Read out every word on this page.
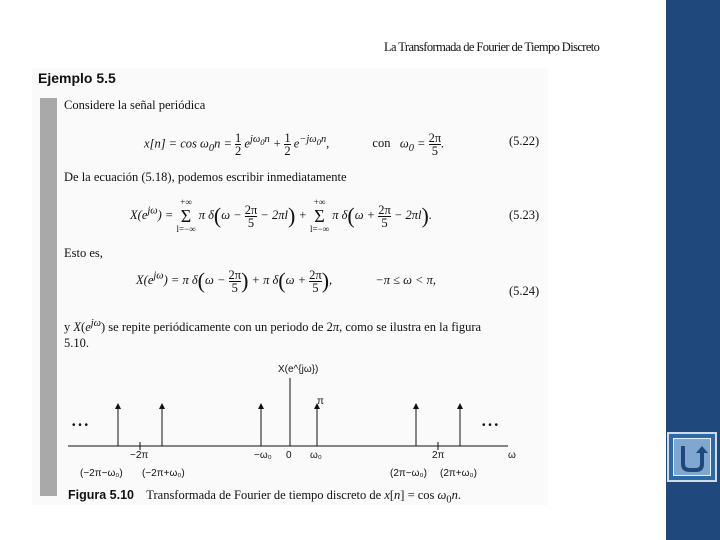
La Transformada de Fourier de Tiempo Discreto
Ejemplo 5.5
Considere la señal periódica
$x[n] = \cos \omega_0n = 1$

2
$e^{j\omega_0n} + 1$

2
$e^{-j\omega_0n}$,	con   $\omega_0 = 2\pi$

5
.	(5.22)
De la ecuación (5.18), podemos escribir inmediatamente
$X(e^{j\omega})$ = +∞
Σ
l=−∞ π δ(ω − 2π

5
− 2πl) + +∞
Σ
l=−∞ π δ(ω + 2π

5
− 2πl).	(5.23)
Esto es,
$X(e^{j\omega}) = \pi$ δ(ω − 2π

5 ) + π δ(ω + 2π

5 ),	−π ≤ ω < π,
(5.24)
y $X(e^{j\omega})$ se repite periódicamente con un periodo de 2π, como se ilustra en la figura
5.10.
X(e^{jω})
π
ω
−2π	−ω₀ 0 ω₀	2π
(−2π−ω₀) (−2π+ω₀)	(2π−ω₀) (2π+ω₀)
• • •	• • •
Figura 5.10 Transformada de Fourier de tiempo discreto de $x[n] = \cos \omega_0n$.
